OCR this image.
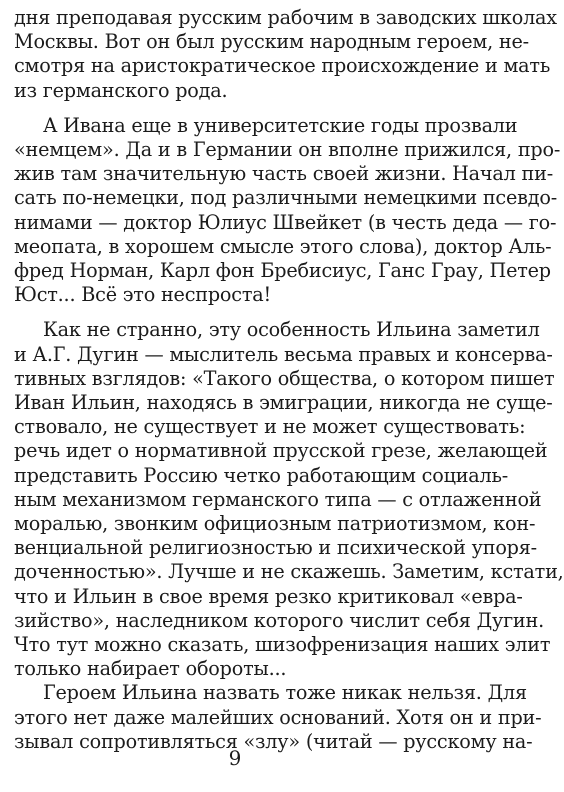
дня преподавая русским рабочим в заводских школах
Москвы. Вот он был русским народным героем, не-
смотря на аристократическое происхождение и мать
из германского рода.
А Ивана еще в университетские годы прозвали
«немцем». Да и в Германии он вполне прижился, про-
жив там значительную часть своей жизни. Начал пи-
сать по-немецки, под различными немецкими псевдо-
нимами — доктор Юлиус Швейкет (в честь деда — го-
меопата, в хорошем смысле этого слова), доктор Аль-
фред Норман, Карл фон Бребисиус, Ганс Грау, Петер
Юст... Всё это неспроста!
Как не странно, эту особенность Ильина заметил
и А.Г. Дугин — мыслитель весьма правых и консерва-
тивных взглядов: «Такого общества, о котором пишет
Иван Ильин, находясь в эмиграции, никогда не суще-
ствовало, не существует и не может существовать:
речь идет о нормативной прусской грезе, желающей
представить Россию четко работающим социаль-
ным механизмом германского типа — с отлаженной
моралью, звонким официозным патриотизмом, кон-
венциальной религиозностью и психической упоря-
доченностью». Лучше и не скажешь. Заметим, кстати,
что и Ильин в свое время резко критиковал «евра-
зийство», наследником которого числит себя Дугин.
Что тут можно сказать, шизофренизация наших элит
только набирает обороты...
Героем Ильина назвать тоже никак нельзя. Для
этого нет даже малейших оснований. Хотя он и при-
зывал сопротивляться «злу» (читай — русскому на-
9
